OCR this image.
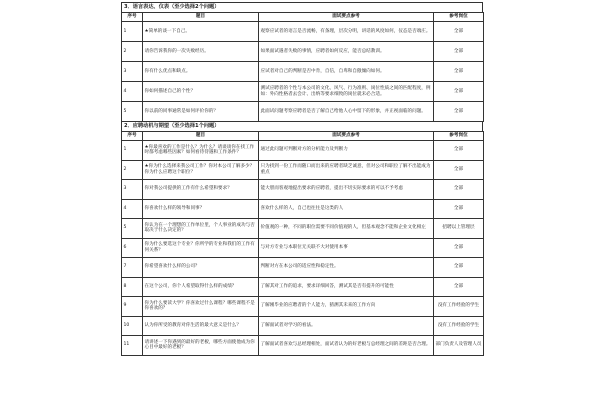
3．语言表达、仪表（至少选择2个问题）
序号	题目	面试要点参考	参考岗位
1	★简单的谈一下自己。	观察应试者的语言是否流畅，有条理，层次分明，讲话的风度如何，仪态是否端庄。	全部
2	请你告诉我你的一次失败经历。	如果面试遇者失败的事情，应聘者如何反应，能否总结教训。	全部
3	你有什么优点和缺点。	应试者对自己的判断是否中肯，自信，自卑和自傲倾向如何。	全部
4	你如何描述自己的个性？	测试应聘者的个性与本公司的文化、风气、行为准则、岗位性质之间的匹配程度，例如：外向性格者去会计、出纳等要求细致的岗位就未必合适。	全部
5	你以前的同事通常是如何评价你的？	此面试问题考察应聘者是否了解自己给他人心中留下的形象，并正视面临的问题。	全部
2．应聘动机与期望（至少选择1个问题）
序号	题目	面试要点参考	参考岗位
1	★你最喜欢的工作是什么？为什么？请谈谈你在找工作时都考虑哪些因素？如何看待待遇和工作条件？	通过此问题可判断对方的分析能力及判断力	全部
2	★你为什么选择来我公司工作？你对本公司了解多少？你为什么应聘这个职位？	只为找到一份工作而随口而出来的应聘者缺乏诚意，但对公司和职位了解不出能成为重点	全部
3	你对我公司提供的工作有什么希望和要求？	能大胆而客观地提出要求的应聘者，提出不切实际要求的可以不予考虑	全部
4	你喜欢什么样的领导和同事？	喜欢什么样的人，自己也往往是这类的人	全部
5	你认为在一个理想的工作单位里，个人事业的成功与否取决于什么决定的？	价值观的一种，不同的职位需要不同价值观的人，但基本观念不能和企业文化相左	招聘以上管理层
6	你为什么要选这个专业？你所学的专业和我们的工作有何关系？	与对方专业与本职位无关联不大对使用本事	全部
7	你希望喜欢什么样的公司？	判断对方在本公司的适应性和稳定性。	全部
8	在这个公司，你个人希望取得什么样的成绩？	了解其对工作的追求，要求详细回答，测试其是否有提升的可能性	全部
9	你为什么要读大学？你喜欢过什么课程？哪些课程不是你喜欢的？	了解刚毕业的应聘者的个人能力，猜测其未来的工作方向	没有工作经验的学生
10	认为你所受的教育对你生活的最大意义是什么？	了解面试者对学习的看法。	没有工作经验的学生
11	请讲述一下你遇到的最好的老板，哪些方面使他成为你心目中最好的老板？	了解面试者喜欢与总经理相处，面试者认为的好老板与总经理之间的差距是否合理。	部门负责人及管理人员
